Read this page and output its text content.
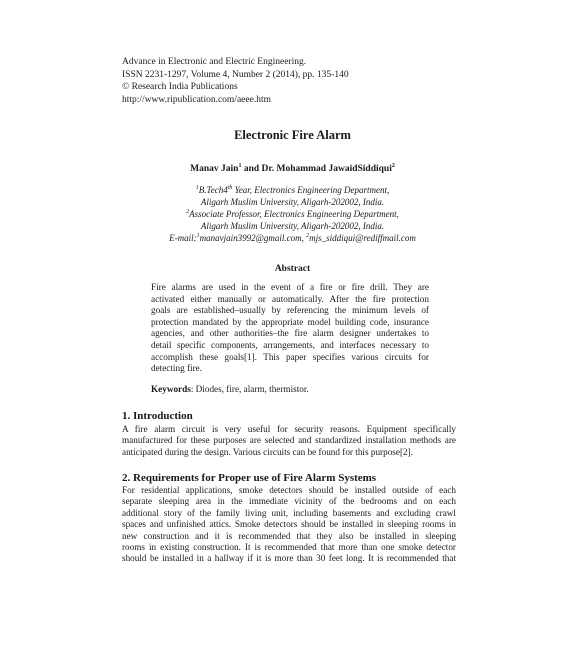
Advance in Electronic and Electric Engineering.
ISSN 2231-1297, Volume 4, Number 2 (2014), pp. 135-140
© Research India Publications
http://www.ripublication.com/aeee.htm
Electronic Fire Alarm
Manav Jain$^1$ and Dr. Mohammad JawaidSiddiqui$^2$
$^1$B.Tech4th Year, Electronics Engineering Department,
Aligarh Muslim University, Aligarh-202002, India.
$^2$Associate Professor, Electronics Engineering Department,
Aligarh Muslim University, Aligarh-202002, India.
E-mail:$^1$manavjain3992@gmail.com, $^2$mjs_siddiqui@rediffmail.com
Abstract
Fire alarms are used in the event of a fire or fire drill. They are
activated either manually or automatically. After the fire protection
goals are established–usually by referencing the minimum levels of
protection mandated by the appropriate model building code, insurance
agencies, and other authorities–the fire alarm designer undertakes to
detail specific components, arrangements, and interfaces necessary to
accomplish these goals[1]. This paper specifies various circuits for
detecting fire.
Keywords: Diodes, fire, alarm, thermistor.
1. Introduction
A fire alarm circuit is very useful for security reasons. Equipment specifically
manufactured for these purposes are selected and standardized installation methods are
anticipated during the design. Various circuits can be found for this purpose[2].
2. Requirements for Proper use of Fire Alarm Systems
For residential applications, smoke detectors should be installed outside of each
separate sleeping area in the immediate vicinity of the bedrooms and on each
additional story of the family living unit, including basements and excluding crawl
spaces and unfinished attics. Smoke detectors should be installed in sleeping rooms in
new construction and it is recommended that they also be installed in sleeping
rooms in existing construction. It is recommended that more than one smoke detector
should be installed in a hallway if it is more than 30 feet long. It is recommended that
